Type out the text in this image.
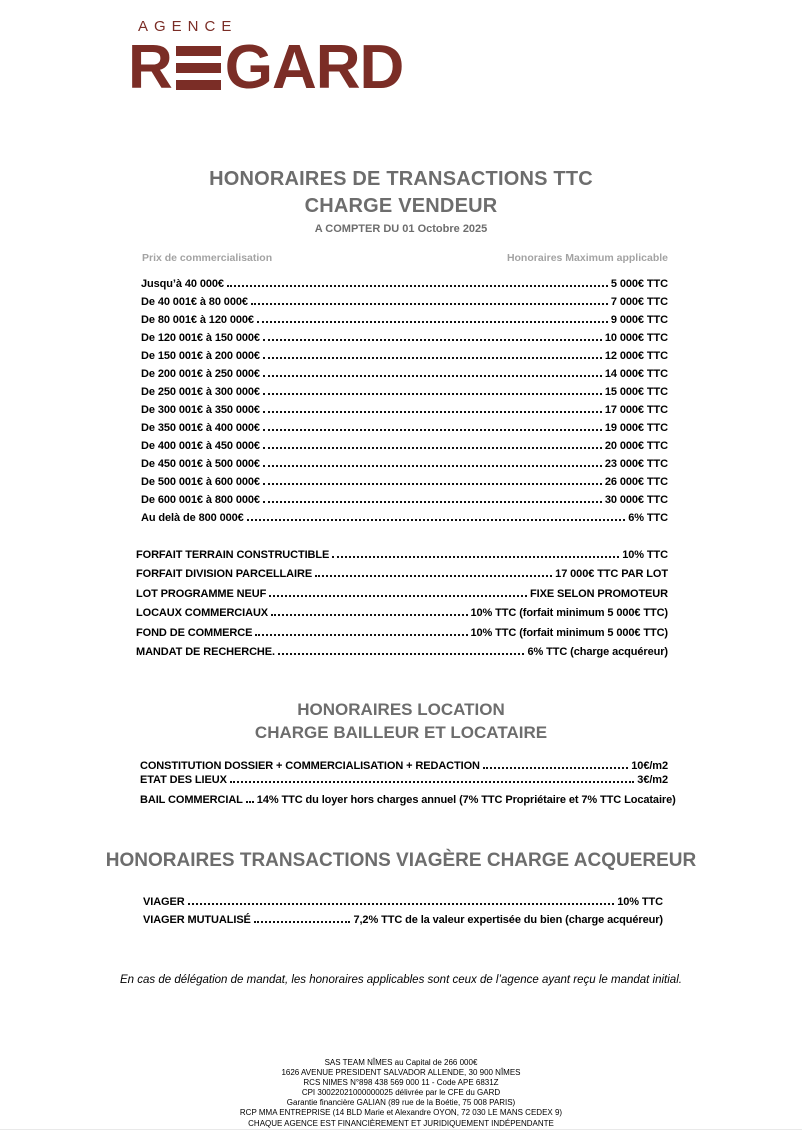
AGENCE
R GARD
HONORAIRES DE TRANSACTIONS TTC
CHARGE VENDEUR
A COMPTER DU 01 Octobre 2025
Prix de commercialisation	Honoraires Maximum applicable
Jusqu’à 40 000€	5 000€ TTC
De 40 001€ à 80 000€	7 000€ TTC
De 80 001€ à 120 000€	9 000€ TTC
De 120 001€ à 150 000€	10 000€ TTC
De 150 001€ à 200 000€	12 000€ TTC
De 200 001€ à 250 000€	14 000€ TTC
De 250 001€ à 300 000€	15 000€ TTC
De 300 001€ à 350 000€	17 000€ TTC
De 350 001€ à 400 000€	19 000€ TTC
De 400 001€ à 450 000€	20 000€ TTC
De 450 001€ à 500 000€	23 000€ TTC
De 500 001€ à 600 000€	26 000€ TTC
De 600 001€ à 800 000€	30 000€ TTC
Au delà de 800 000€	6% TTC
FORFAIT TERRAIN CONSTRUCTIBLE	10% TTC
FORFAIT DIVISION PARCELLAIRE	17 000€ TTC PAR LOT
LOT PROGRAMME NEUF	FIXE SELON PROMOTEUR
LOCAUX COMMERCIAUX	10% TTC (forfait minimum 5 000€ TTC)
FOND DE COMMERCE	10% TTC (forfait minimum 5 000€ TTC)
MANDAT DE RECHERCHE.	6% TTC (charge acquéreur)
HONORAIRES LOCATION
CHARGE BAILLEUR ET LOCATAIRE
CONSTITUTION DOSSIER + COMMERCIALISATION + REDACTION	10€/m2
ETAT DES LIEUX	3€/m2
BAIL COMMERCIAL 14% TTC du loyer hors charges annuel (7% TTC Propriétaire et 7% TTC Locataire)
HONORAIRES TRANSACTIONS VIAGÈRE CHARGE ACQUEREUR
VIAGER	10% TTC
VIAGER MUTUALISÉ	7,2% TTC de la valeur expertisée du bien (charge acquéreur)

En cas de délégation de mandat, les honoraires applicables sont ceux de l’agence ayant reçu le mandat initial.

SAS TEAM NÎMES au Capital de 266 000€
1626 AVENUE PRESIDENT SALVADOR ALLENDE, 30 900 NÎMES
RCS NIMES N°898 438 569 000 11 - Code APE 6831Z
CPI 30022021000000025 délivrée par le CFE du GARD
Garantie financière GALIAN (89 rue de la Boétie, 75 008 PARIS)
RCP MMA ENTREPRISE (14 BLD Marie et Alexandre OYON, 72 030 LE MANS CEDEX 9)
CHAQUE AGENCE EST FINANCIÈREMENT ET JURIDIQUEMENT INDÉPENDANTE
